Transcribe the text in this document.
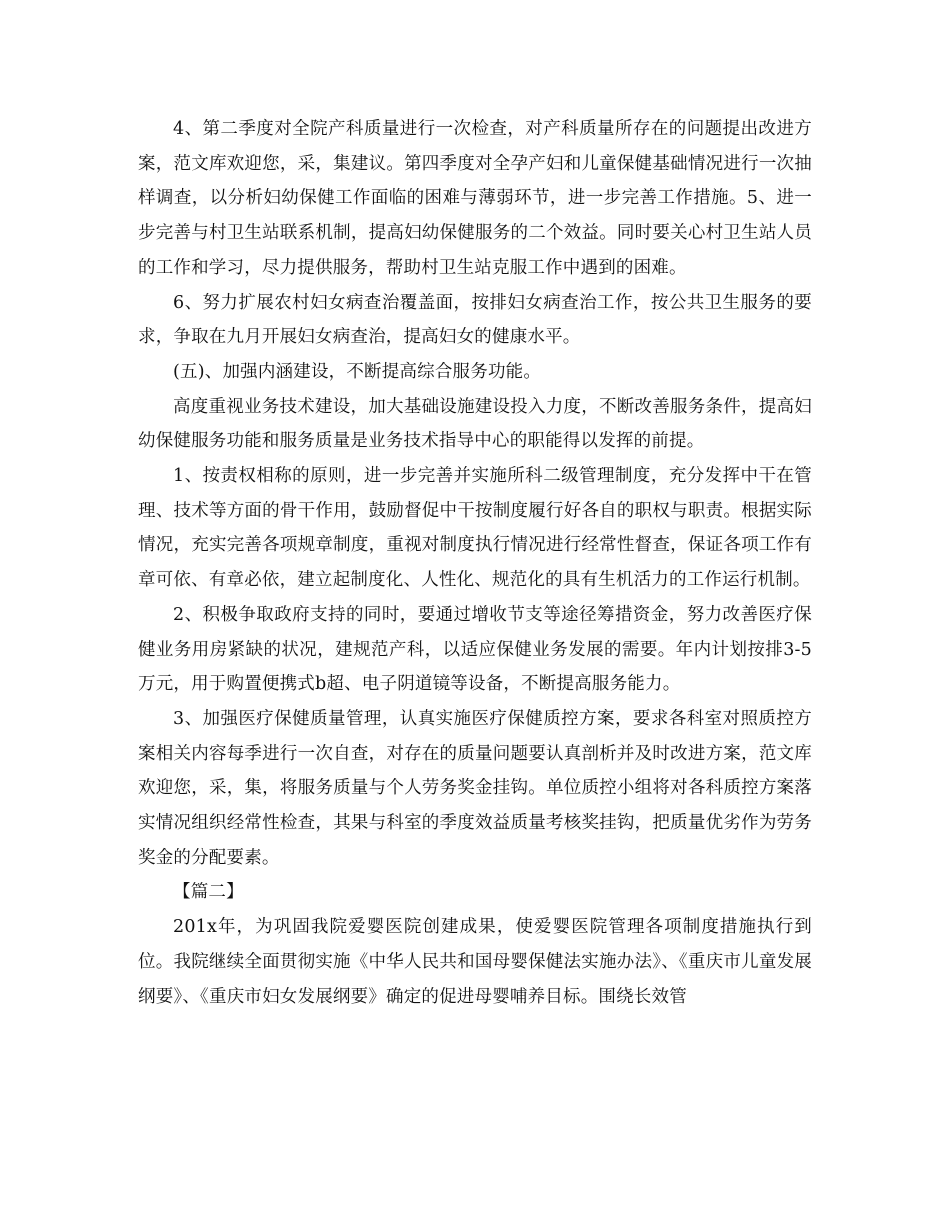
4、第二季度对全院产科质量进行一次检查，对产科质量所存在的问题提出改进方案，范文库欢迎您，采，集建议。第四季度对全孕产妇和儿童保健基础情况进行一次抽样调查，以分析妇幼保健工作面临的困难与薄弱环节，进一步完善工作措施。5、进一步完善与村卫生站联系机制，提高妇幼保健服务的二个效益。同时要关心村卫生站人员的工作和学习，尽力提供服务，帮助村卫生站克服工作中遇到的困难。

6、努力扩展农村妇女病查治覆盖面，按排妇女病查治工作，按公共卫生服务的要求，争取在九月开展妇女病查治，提高妇女的健康水平。

(五)、加强内涵建设，不断提高综合服务功能。

高度重视业务技术建设，加大基础设施建设投入力度，不断改善服务条件，提高妇幼保健服务功能和服务质量是业务技术指导中心的职能得以发挥的前提。

1、按责权相称的原则，进一步完善并实施所科二级管理制度，充分发挥中干在管理、技术等方面的骨干作用，鼓励督促中干按制度履行好各自的职权与职责。根据实际情况，充实完善各项规章制度，重视对制度执行情况进行经常性督查，保证各项工作有章可依、有章必依，建立起制度化、人性化、规范化的具有生机活力的工作运行机制。

2、积极争取政府支持的同时，要通过增收节支等途径筹措资金，努力改善医疗保健业务用房紧缺的状况，建规范产科，以适应保健业务发展的需要。年内计划按排3-5万元，用于购置便携式b超、电子阴道镜等设备，不断提高服务能力。

3、加强医疗保健质量管理，认真实施医疗保健质控方案，要求各科室对照质控方案相关内容每季进行一次自查，对存在的质量问题要认真剖析并及时改进方案，范文库欢迎您，采，集，将服务质量与个人劳务奖金挂钩。单位质控小组将对各科质控方案落实情况组织经常性检查，其果与科室的季度效益质量考核奖挂钩，把质量优劣作为劳务奖金的分配要素。

【篇二】

201x年，为巩固我院爱婴医院创建成果，使爱婴医院管理各项制度措施执行到位。我院继续全面贯彻实施《中华人民共和国母婴保健法实施办法》、《重庆市儿童发展纲要》、《重庆市妇女发展纲要》确定的促进母婴哺养目标。围绕长效管
